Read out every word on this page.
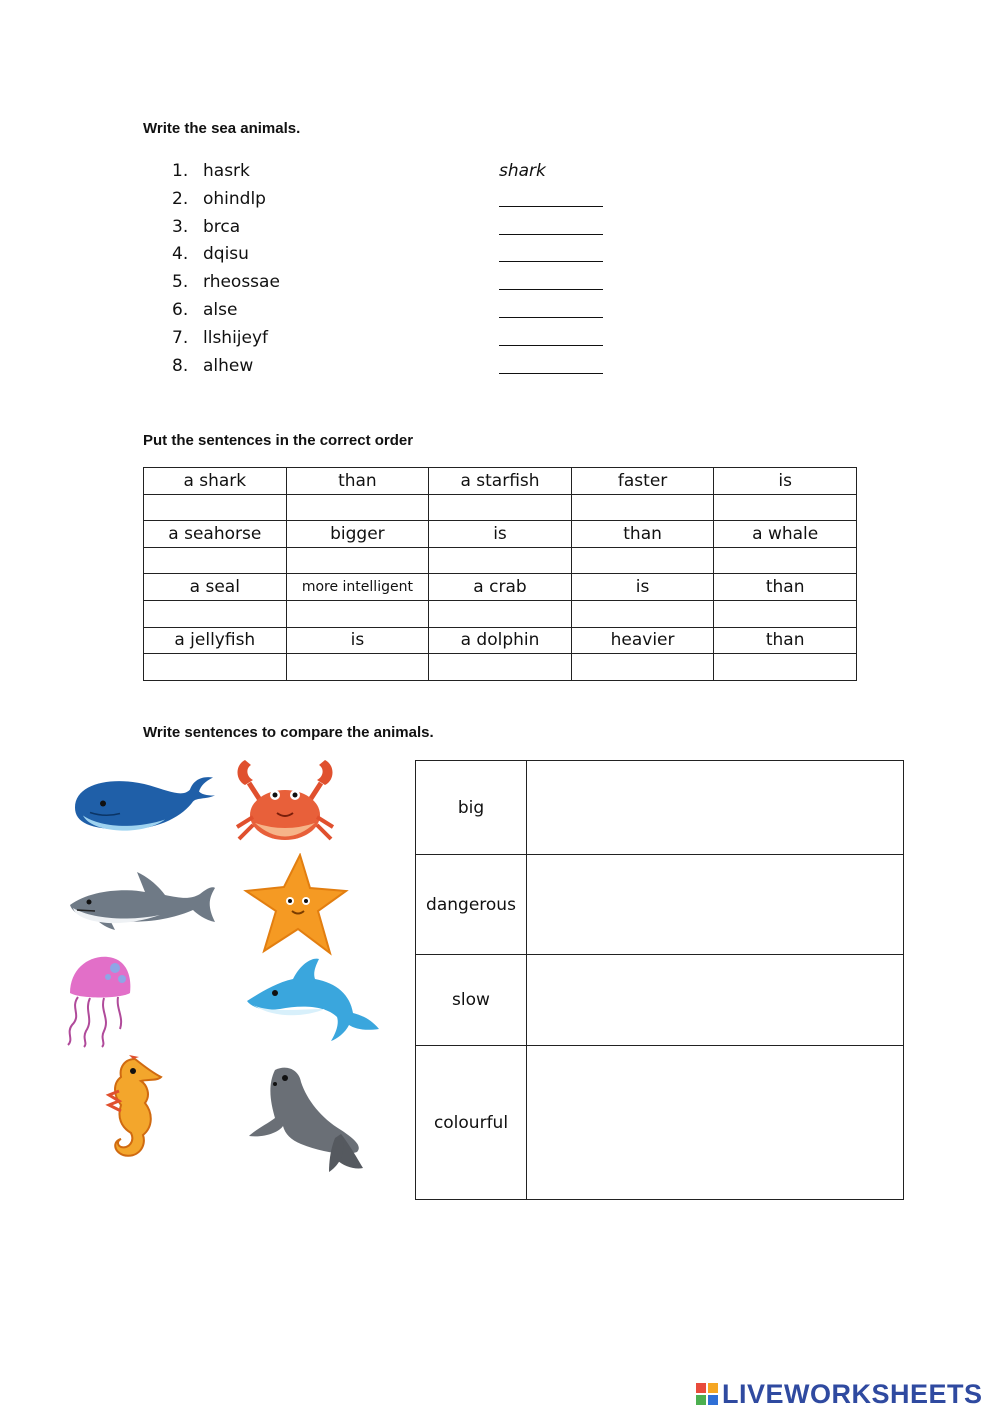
Write the sea animals.
1. hasrk	shark
2. ohindlp
3. brca
4. dqisu
5. rheossae
6. alse
7. llshijeyf
8. alhew
Put the sentences in the correct order
a shark	than	a starfish	faster	is

a seahorse	bigger	is	than	a whale

a seal	more intelligent	a crab	is	than

a jellyfish	is	a dolphin	heavier	than

Write sentences to compare the animals.
big	
dangerous	
slow	
colourful	
LIVEWORKSHEETS
